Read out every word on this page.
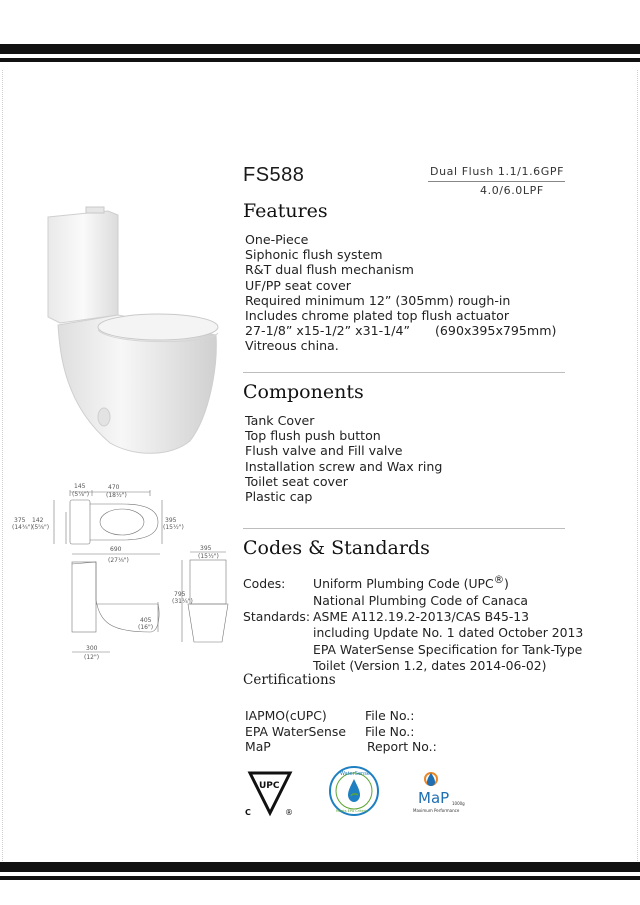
145
(5⁷⁄₈")
470
(18½")
375
(14¾")
142
(5⅝")
395
(15½")
690
(27⅛")
405
(16")
300
(12")
395
(15½")
795
(31¼")
FS588	Dual Flush 1.1/1.6GPF
4.0/6.0LPF
Features
One-Piece
Siphonic flush system
R&T dual flush mechanism
UF/PP seat cover
Required minimum 12” (305mm) rough-in
Includes chrome plated top flush actuator
27-1/8” x15-1/2” x31-1/4” (690x395x795mm)
Vitreous china.
Components
Tank Cover
Top flush push button
Flush valve and Fill valve
Installation screw and Wax ring
Toilet seat cover
Plastic cap
Codes & Standards
Codes: Uniform Plumbing Code (UPC®)
National Plumbing Code of Canaca
Standards: ASME A112.19.2-2013/CAS B45-13
including Update No. 1 dated October 2013
EPA WaterSense Specification for Tank-Type
Toilet (Version 1.2, dates 2014-06-02)
Certifications
IAPMO(cUPC)	File No.:
EPA WaterSense File No.:
MaP	Report No.:
UPC
C	®
WaterSense
Meets EPA Criteria
MaP
Maximum Performance
1000g
